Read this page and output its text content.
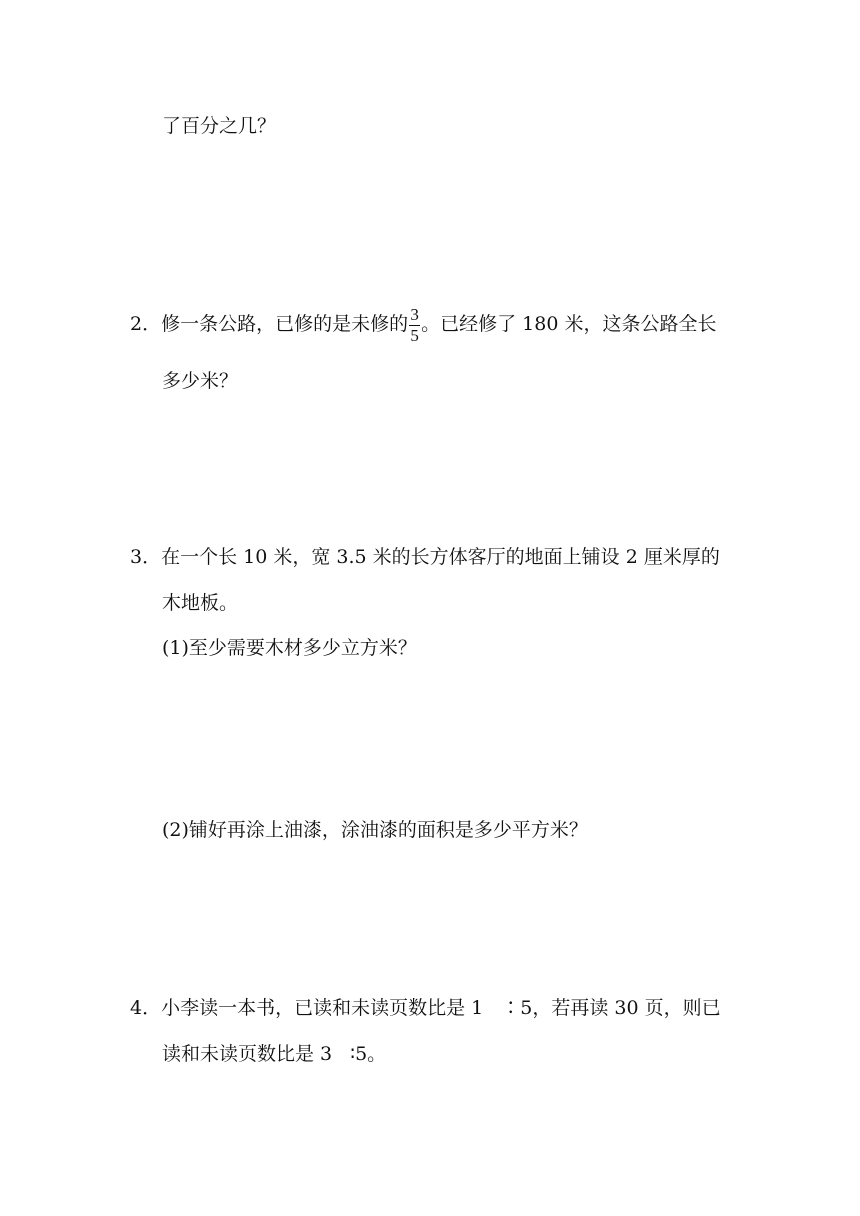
了百分之几？
2．修一条公路，已修的是未修的 $\frac{3}{5}$ 。已经修了 180 米，这条公路全长
多少米？
3．在一个长 10 米，宽 3.5 米的长方体客厅的地面上铺设 2 厘米厚的
木地板。
(1)至少需要木材多少立方米？
(2)铺好再涂上油漆，涂油漆的面积是多少平方米？
4．小李读一本书，已读和未读页数比是 1 ∶5，若再读 30 页，则已
读和未读页数比是 3 ∶5。
